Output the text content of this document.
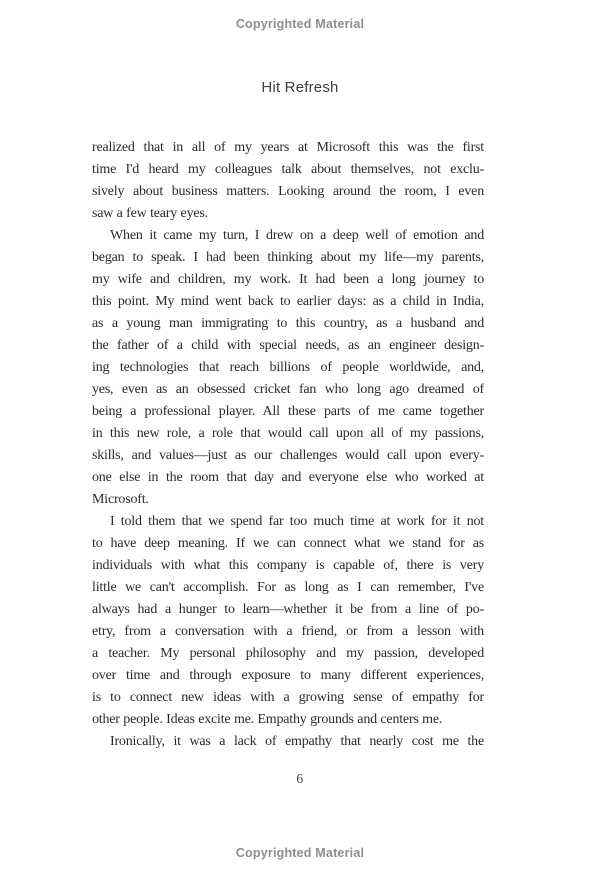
Copyrighted Material
Hit Refresh
realized that in all of my years at Microsoft this was the first
time I'd heard my colleagues talk about themselves, not exclu-
sively about business matters. Looking around the room, I even
saw a few teary eyes.
When it came my turn, I drew on a deep well of emotion and
began to speak. I had been thinking about my life—my parents,
my wife and children, my work. It had been a long journey to
this point. My mind went back to earlier days: as a child in India,
as a young man immigrating to this country, as a husband and
the father of a child with special needs, as an engineer design-
ing technologies that reach billions of people worldwide, and,
yes, even as an obsessed cricket fan who long ago dreamed of
being a professional player. All these parts of me came together
in this new role, a role that would call upon all of my passions,
skills, and values—just as our challenges would call upon every-
one else in the room that day and everyone else who worked at
Microsoft.
I told them that we spend far too much time at work for it not
to have deep meaning. If we can connect what we stand for as
individuals with what this company is capable of, there is very
little we can't accomplish. For as long as I can remember, I've
always had a hunger to learn—whether it be from a line of po-
etry, from a conversation with a friend, or from a lesson with
a teacher. My personal philosophy and my passion, developed
over time and through exposure to many different experiences,
is to connect new ideas with a growing sense of empathy for
other people. Ideas excite me. Empathy grounds and centers me.
Ironically, it was a lack of empathy that nearly cost me the
6
Copyrighted Material
